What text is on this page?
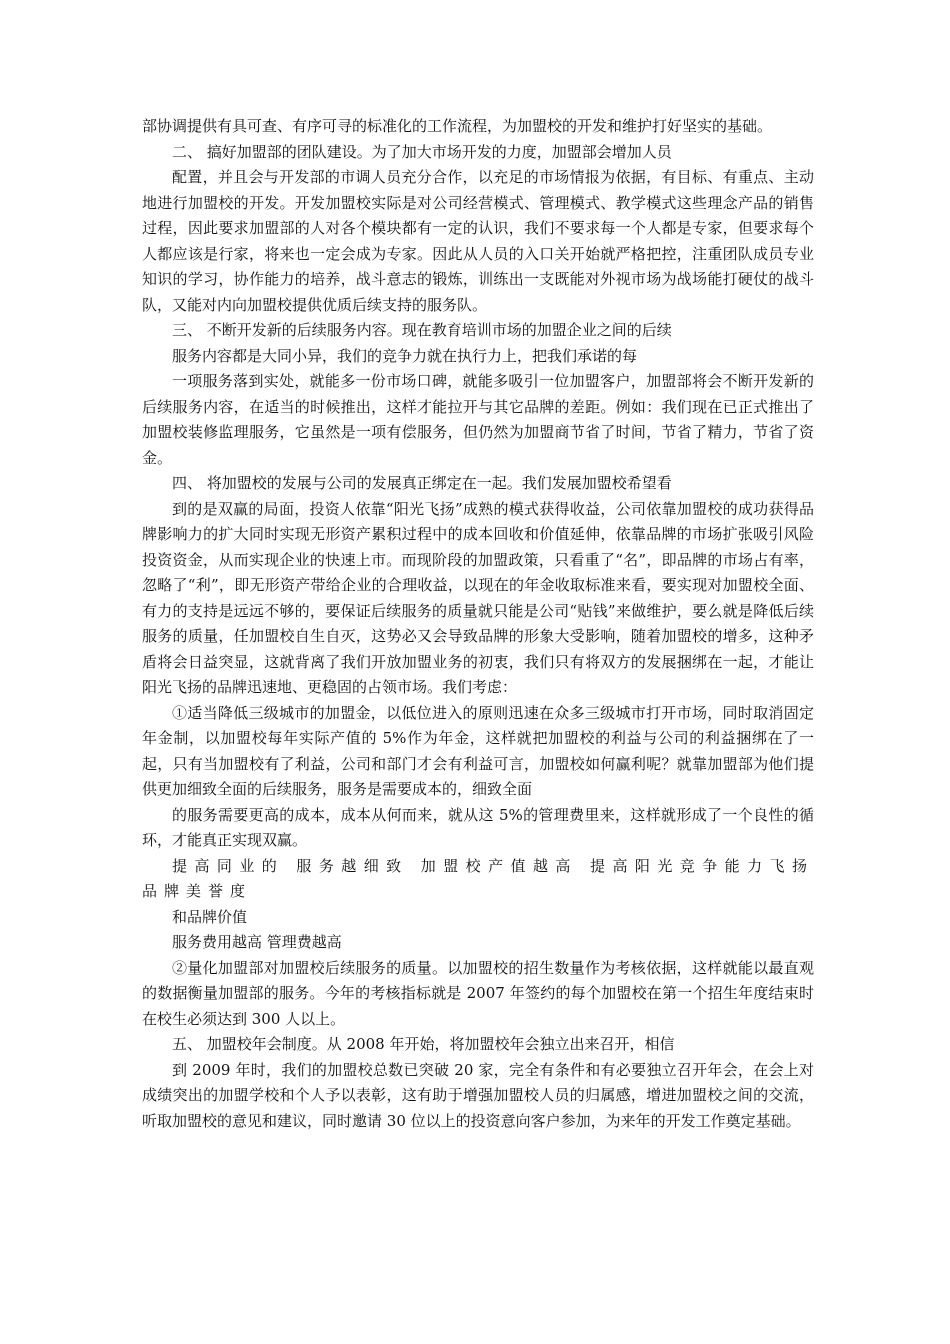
部协调提供有具可查、有序可寻的标准化的工作流程，为加盟校的开发和维护打好坚实的基础。

二、 搞好加盟部的团队建设。为了加大市场开发的力度，加盟部会增加人员

配置，并且会与开发部的市调人员充分合作，以充足的市场情报为依据，有目标、有重点、主动地进行加盟校的开发。开发加盟校实际是对公司经营模式、管理模式、教学模式这些理念产品的销售过程，因此要求加盟部的人对各个模块都有一定的认识，我们不要求每一个人都是专家，但要求每个人都应该是行家，将来也一定会成为专家。因此从人员的入口关开始就严格把控，注重团队成员专业知识的学习，协作能力的培养，战斗意志的锻炼，训练出一支既能对外视市场为战场能打硬仗的战斗队，又能对内向加盟校提供优质后续支持的服务队。

三、 不断开发新的后续服务内容。现在教育培训市场的加盟企业之间的后续

服务内容都是大同小异，我们的竞争力就在执行力上，把我们承诺的每

一项服务落到实处，就能多一份市场口碑，就能多吸引一位加盟客户，加盟部将会不断开发新的后续服务内容，在适当的时候推出，这样才能拉开与其它品牌的差距。例如：我们现在已正式推出了加盟校装修监理服务，它虽然是一项有偿服务，但仍然为加盟商节省了时间，节省了精力，节省了资金。

四、 将加盟校的发展与公司的发展真正绑定在一起。我们发展加盟校希望看

到的是双赢的局面，投资人依靠“阳光飞扬”成熟的模式获得收益，公司依靠加盟校的成功获得品牌影响力的扩大同时实现无形资产累积过程中的成本回收和价值延伸，依靠品牌的市场扩张吸引风险投资资金，从而实现企业的快速上市。而现阶段的加盟政策，只看重了“名”，即品牌的市场占有率，忽略了“利”，即无形资产带给企业的合理收益，以现在的年金收取标准来看，要实现对加盟校全面、有力的支持是远远不够的，要保证后续服务的质量就只能是公司“贴钱”来做维护，要么就是降低后续服务的质量，任加盟校自生自灭，这势必又会导致品牌的形象大受影响，随着加盟校的增多，这种矛盾将会日益突显，这就背离了我们开放加盟业务的初衷，我们只有将双方的发展捆绑在一起，才能让阳光飞扬的品牌迅速地、更稳固的占领市场。我们考虑：

①适当降低三级城市的加盟金，以低位进入的原则迅速在众多三级城市打开市场，同时取消固定年金制，以加盟校每年实际产值的 5%作为年金，这样就把加盟校的利益与公司的利益捆绑在了一起，只有当加盟校有了利益，公司和部门才会有利益可言，加盟校如何赢利呢？就靠加盟部为他们提供更加细致全面的后续服务，服务是需要成本的，细致全面

的服务需要更高的成本，成本从何而来，就从这 5%的管理费里来，这样就形成了一个良性的循环，才能真正实现双赢。

提高同业的 服务越细致 加盟校产值越高 提高阳光竞争能力飞扬品牌美誉度

和品牌价值

服务费用越高 管理费越高

②量化加盟部对加盟校后续服务的质量。以加盟校的招生数量作为考核依据，这样就能以最直观的数据衡量加盟部的服务。今年的考核指标就是 2007 年签约的每个加盟校在第一个招生年度结束时在校生必须达到 300 人以上。

五、 加盟校年会制度。从 2008 年开始，将加盟校年会独立出来召开，相信

到 2009 年时，我们的加盟校总数已突破 20 家，完全有条件和有必要独立召开年会，在会上对成绩突出的加盟学校和个人予以表彰，这有助于增强加盟校人员的归属感，增进加盟校之间的交流，听取加盟校的意见和建议，同时邀请 30 位以上的投资意向客户参加，为来年的开发工作奠定基础。
